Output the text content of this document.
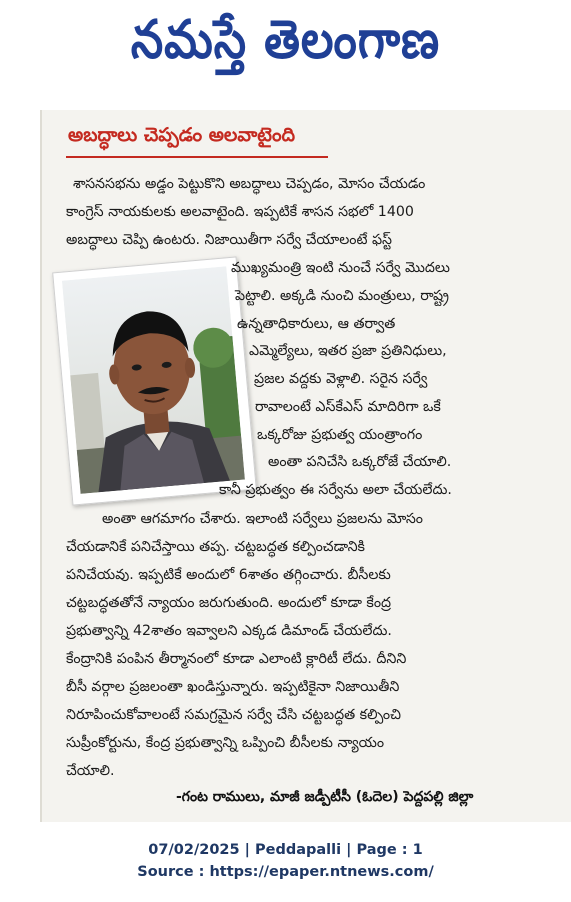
నమస్తే తెలంగాణ
అబద్ధాలు చెప్పడం అలవాటైంది

శాసనసభను అడ్డం పెట్టుకొని అబద్ధాలు చెప్పడం, మోసం చేయడం

కాంగ్రెస్ నాయకులకు అలవాటైంది. ఇప్పటికే శాసన సభలో 1400

అబద్ధాలు చెప్పి ఉంటరు. నిజాయితీగా సర్వే చేయాలంటే ఫస్ట్

ముఖ్యమంత్రి ఇంటి నుంచే సర్వే మొదలు

పెట్టాలి. అక్కడి నుంచి మంత్రులు, రాష్ట్ర

ఉన్నతాధికారులు, ఆ తర్వాత

ఎమ్మెల్యేలు, ఇతర ప్రజా ప్రతినిధులు,

ప్రజల వద్దకు వెళ్లాలి. సరైన సర్వే

రావాలంటే ఎస్‌కేఎస్ మాదిరిగా ఒకే

ఒక్కరోజు ప్రభుత్వ యంత్రాంగం

అంతా పనిచేసి ఒక్కరోజే చేయాలి.

కానీ ప్రభుత్వం ఈ సర్వేను అలా చేయలేదు.

అంతా ఆగమాగం చేశారు. ఇలాంటి సర్వేలు ప్రజలను మోసం

చేయడానికే పనిచేస్తాయి తప్ప. చట్టబద్ధత కల్పించడానికి

పనిచేయవు. ఇప్పటికే అందులో 6శాతం తగ్గించారు. బీసీలకు

చట్టబద్ధతతోనే న్యాయం జరుగుతుంది. అందులో కూడా కేంద్ర

ప్రభుత్వాన్ని 42శాతం ఇవ్వాలని ఎక్కడ డిమాండ్ చేయలేదు.

కేంద్రానికి పంపిన తీర్మానంలో కూడా ఎలాంటి క్లారిటీ లేదు. దీనిని

బీసీ వర్గాల ప్రజలంతా ఖండిస్తున్నారు. ఇప్పటికైనా నిజాయితీని

నిరూపించుకోవాలంటే సమగ్రమైన సర్వే చేసి చట్టబద్ధత కల్పించి

సుప్రీంకోర్టును, కేంద్ర ప్రభుత్వాన్ని ఒప్పించి బీసీలకు న్యాయం

చేయాలి.

-గంట రాములు, మాజీ జడ్పీటీసీ (ఓదెల) పెద్దపల్లి జిల్లా

07/02/2025 | Peddapalli | Page : 1

Source : https://epaper.ntnews.com/
